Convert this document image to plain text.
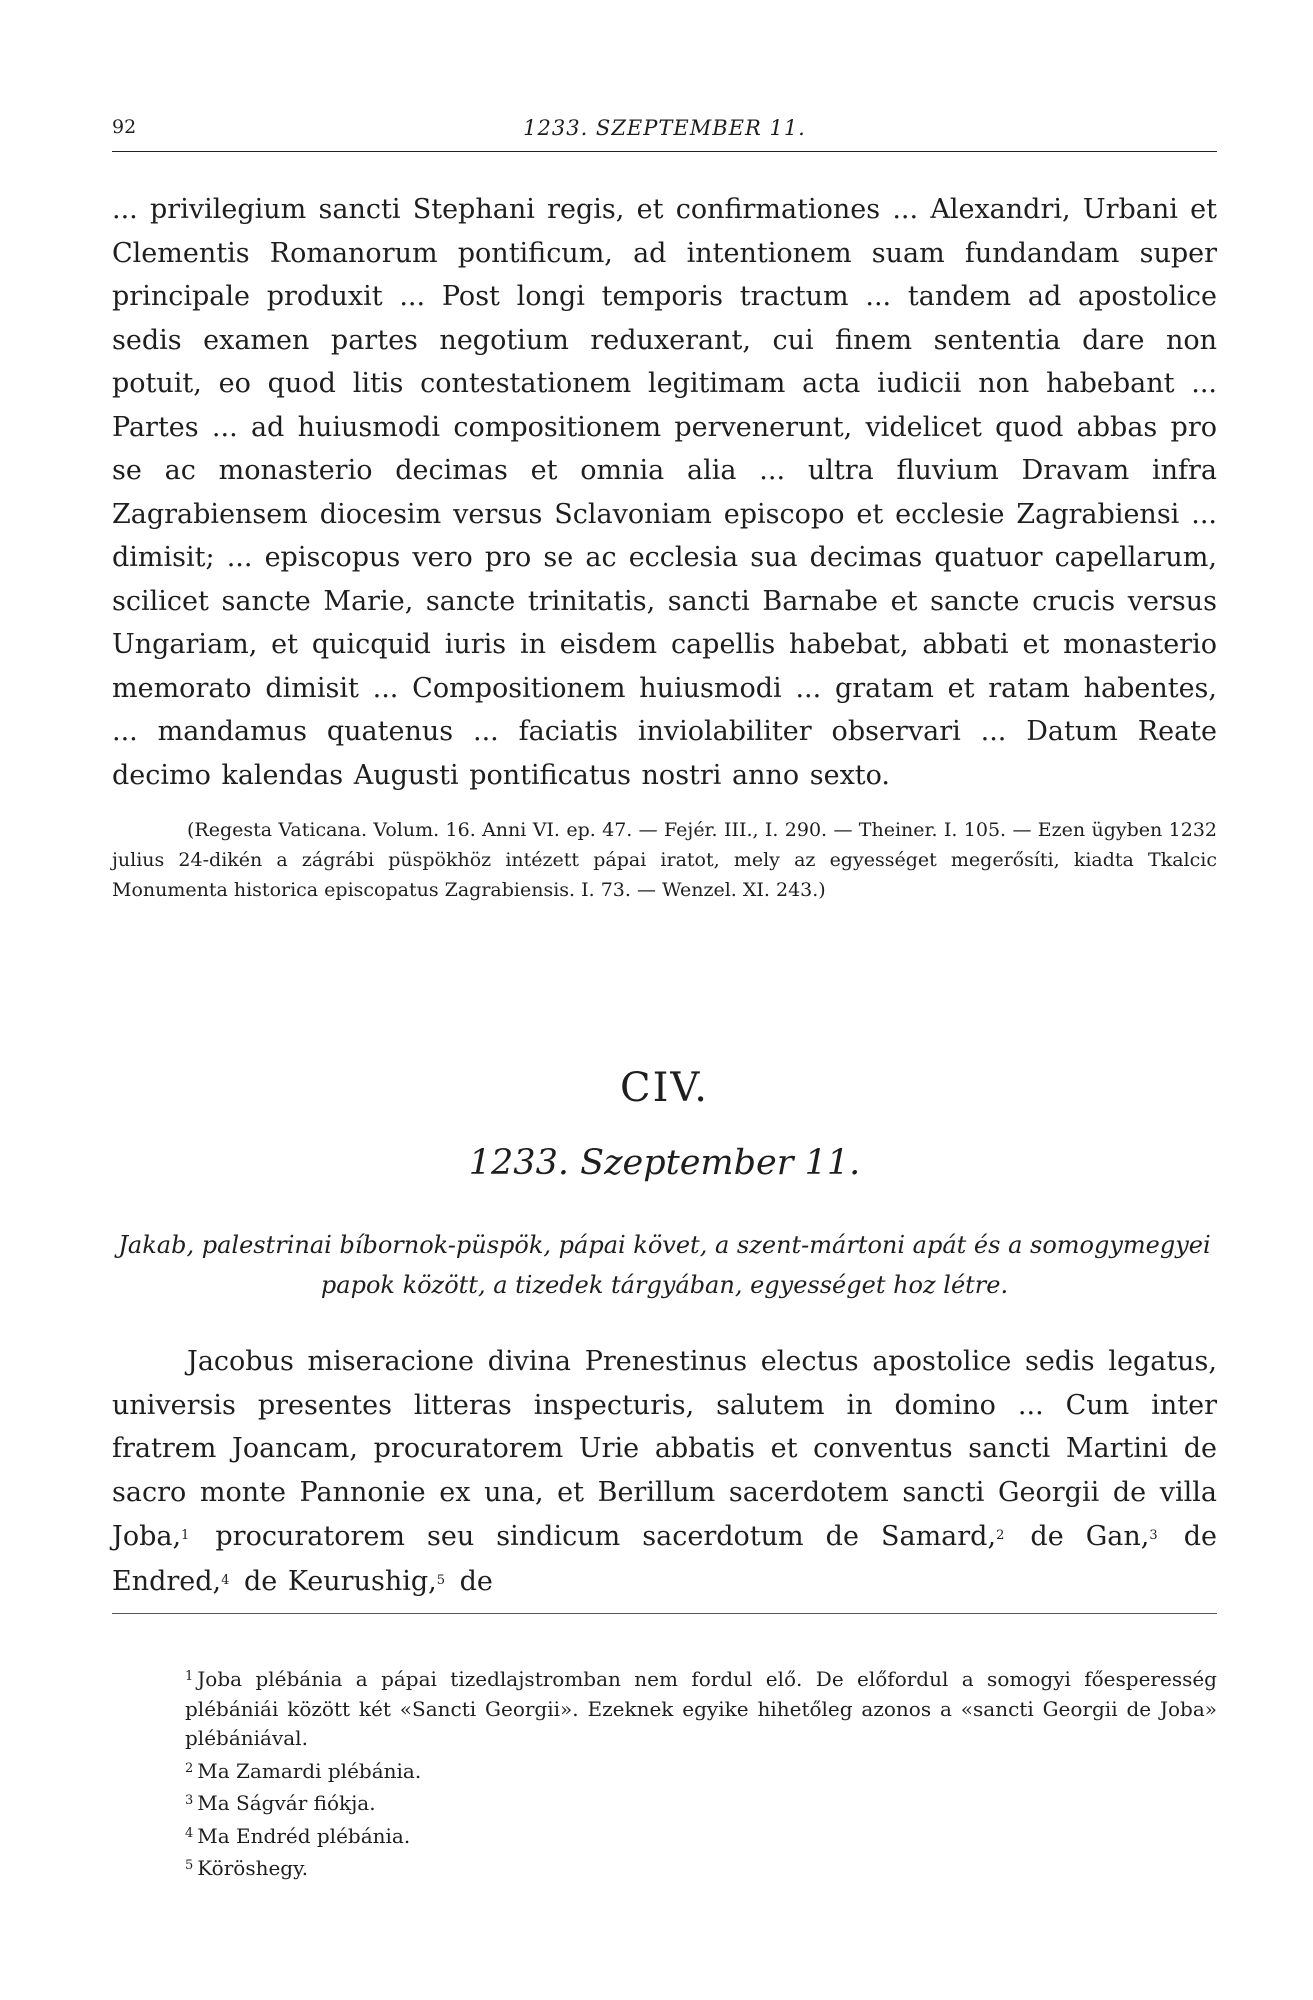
92	1233. SZEPTEMBER 11.
... privilegium sancti Stephani regis, et confirmationes ... Alexandri, Urbani et Clementis Romanorum pontificum, ad intentionem suam fundandam super principale produxit ... Post longi temporis tractum ... tandem ad apostolice sedis examen partes negotium reduxerant, cui finem sententia dare non potuit, eo quod litis contestationem legitimam acta iudicii non habebant ... Partes ... ad huiusmodi compositionem pervenerunt, videlicet quod abbas pro se ac monasterio decimas et omnia alia ... ultra fluvium Dravam infra Zagrabiensem diocesim versus Sclavoniam episcopo et ecclesie Zagrabiensi ... dimisit; ... episcopus vero pro se ac ecclesia sua decimas quatuor capellarum, scilicet sancte Marie, sancte trinitatis, sancti Barnabe et sancte crucis versus Ungariam, et quicquid iuris in eisdem capellis habebat, abbati et monasterio memorato dimisit ... Compositionem huiusmodi ... gratam et ratam habentes, ... mandamus quatenus ... faciatis inviolabiliter observari ... Datum Reate decimo kalendas Augusti pontificatus nostri anno sexto.

(Regesta Vaticana. Volum. 16. Anni VI. ep. 47. — Fejér. III., I. 290. — Theiner. I. 105. — Ezen ügyben 1232 julius 24-dikén a zágrábi püspökhöz intézett pápai iratot, mely az egyességet megerősíti, kiadta Tkalcic Monumenta historica episcopatus Zagrabiensis. I. 73. — Wenzel. XI. 243.)

CIV.
1233. Szeptember 11.
Jakab, palestrinai bíbornok-püspök, pápai követ, a szent-mártoni apát és a somogymegyei papok között, a tizedek tárgyában, egyességet hoz létre.
Jacobus miseracione divina Prenestinus electus apostolice sedis legatus, universis presentes litteras inspecturis, salutem in domino ... Cum inter fratrem Joancam, procuratorem Urie abbatis et conventus sancti Martini de sacro monte Pannonie ex una, et Berillum sacerdotem sancti Georgii de villa Joba,$^1$ procuratorem seu sindicum sacerdotum de Samard,$^2$ de Gan,$^3$ de Endred,$^4$ de Keurushig,$^5$ de

$^1$ Joba plébánia a pápai tizedlajstromban nem fordul elő. De előfordul a somogyi főesperesség plébániái között két «Sancti Georgii». Ezeknek egyike hihetőleg azonos a «sancti Georgii de Joba» plébániával.

$^2$ Ma Zamardi plébánia.

$^3$ Ma Ságvár fiókja.

$^4$ Ma Endréd plébánia.

$^5$ Köröshegy.
